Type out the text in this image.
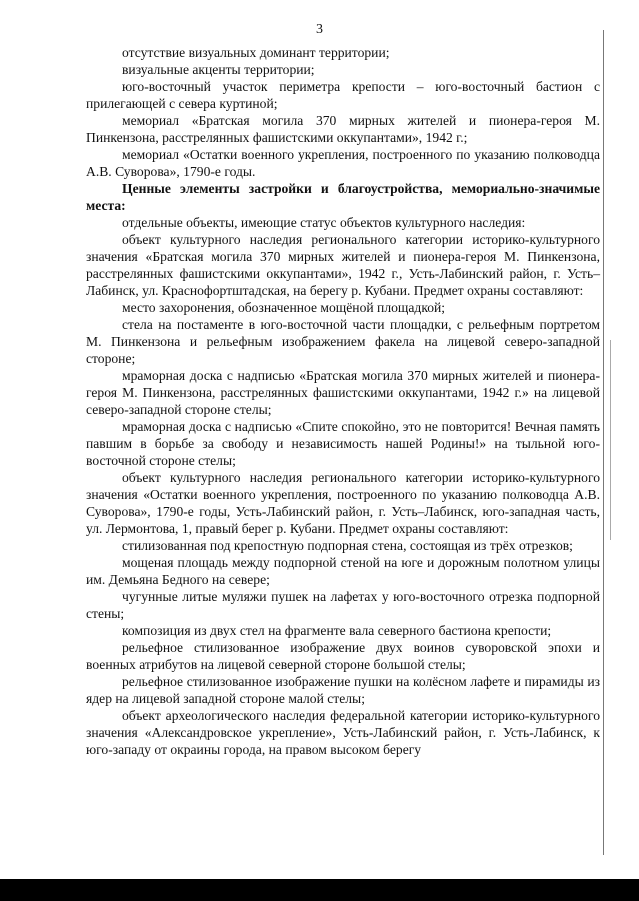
3

отсутствие визуальных доминант территории;

визуальные акценты территории;

юго-восточный участок периметра крепости – юго-восточный бастион с прилегающей с севера куртиной;

мемориал «Братская могила 370 мирных жителей и пионера-героя М. Пинкензона, расстрелянных фашистскими оккупантами», 1942 г.;

мемориал «Остатки военного укрепления, построенного по указанию полководца А.В. Суворова», 1790-е годы.

Ценные элементы застройки и благоустройства, мемориально-значимые места:

отдельные объекты, имеющие статус объектов культурного наследия:

объект культурного наследия регионального категории историко-культурного значения «Братская могила 370 мирных жителей и пионера-героя М. Пинкензона, расстрелянных фашистскими оккупантами», 1942 г., Усть-Лабинский район, г. Усть–Лабинск, ул. Краснофортштадская, на берегу р. Кубани. Предмет охраны составляют:

место захоронения, обозначенное мощёной площадкой;

стела на постаменте в юго-восточной части площадки, с рельефным портретом М. Пинкензона и рельефным изображением факела на лицевой северо-западной стороне;

мраморная доска с надписью «Братская могила 370 мирных жителей и пионера-героя М. Пинкензона, расстрелянных фашистскими оккупантами, 1942 г.» на лицевой северо-западной стороне стелы;

мраморная доска с надписью «Спите спокойно, это не повторится! Вечная память павшим в борьбе за свободу и независимость нашей Родины!» на тыльной юго-восточной стороне стелы;

объект культурного наследия регионального категории историко-культурного значения «Остатки военного укрепления, построенного по указанию полководца А.В. Суворова», 1790-е годы, Усть-Лабинский район, г. Усть–Лабинск, юго-западная часть, ул. Лермонтова, 1, правый берег р. Кубани. Предмет охраны составляют:

стилизованная под крепостную подпорная стена, состоящая из трёх отрезков;

мощеная площадь между подпорной стеной на юге и дорожным полотном улицы им. Демьяна Бедного на севере;

чугунные литые муляжи пушек на лафетах у юго-восточного отрезка подпорной стены;

композиция из двух стел на фрагменте вала северного бастиона крепости;

рельефное стилизованное изображение двух воинов суворовской эпохи и военных атрибутов на лицевой северной стороне большой стелы;

рельефное стилизованное изображение пушки на колёсном лафете и пирамиды из ядер на лицевой западной стороне малой стелы;

объект археологического наследия федеральной категории историко-культурного значения «Александровское укрепление», Усть-Лабинский район, г. Усть-Лабинск, к юго-западу от окраины города, на правом высоком берегу
